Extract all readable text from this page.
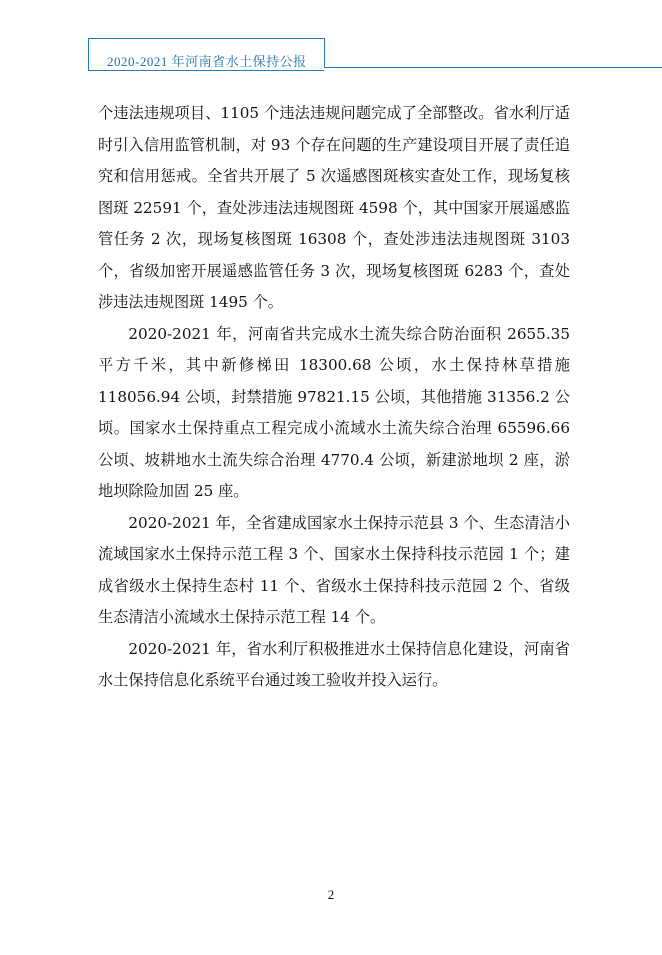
2020-2021 年河南省水土保持公报

个违法违规项目、1105 个违法违规问题完成了全部整改。省水利厅适时引入信用监管机制，对 93 个存在问题的生产建设项目开展了责任追究和信用惩戒。全省共开展了 5 次遥感图斑核实查处工作，现场复核图斑 22591 个，查处涉违法违规图斑 4598 个，其中国家开展遥感监管任务 2 次，现场复核图斑 16308 个，查处涉违法违规图斑 3103 个，省级加密开展遥感监管任务 3 次，现场复核图斑 6283 个，查处涉违法违规图斑 1495 个。

2020-2021 年，河南省共完成水土流失综合防治面积 2655.35 平方千米，其中新修梯田 18300.68 公顷，水土保持林草措施 118056.94 公顷，封禁措施 97821.15 公顷，其他措施 31356.2 公顷。国家水土保持重点工程完成小流域水土流失综合治理 65596.66 公顷、坡耕地水土流失综合治理 4770.4 公顷，新建淤地坝 2 座，淤地坝除险加固 25 座。

2020-2021 年，全省建成国家水土保持示范县 3 个、生态清洁小流域国家水土保持示范工程 3 个、国家水土保持科技示范园 1 个；建成省级水土保持生态村 11 个、省级水土保持科技示范园 2 个、省级生态清洁小流域水土保持示范工程 14 个。

2020-2021 年，省水利厅积极推进水土保持信息化建设，河南省水土保持信息化系统平台通过竣工验收并投入运行。

2
